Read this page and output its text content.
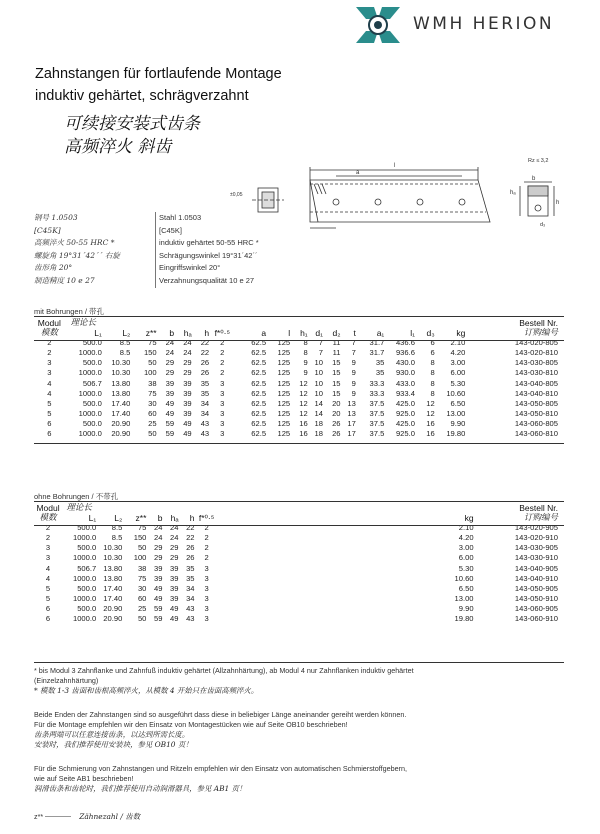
WMH HERION
Zahnstangen für fortlaufende Montage
induktiv gehärtet, schrägverzahnt
可续接安装式齿条
高频淬火 斜齿
l
a
b
h
hₐ
Rz ≤ 3,2
±0,05
d₃
钢号 1.0503
[C45K]
高频淬火 50-55 HRC *
螺旋角 19°31´42´´ 右旋
齿形角 20°
制造精度 10 e 27
Stahl 1.0503
[C45K]
induktiv gehärtet 50-55 HRC *
Schrägungswinkel 19°31´42´´
Eingriffswinkel 20°
Verzahnungsqualität 10 e 27
mit Bohrungen / 带孔
Modul	理论长																	Bestell Nr.
模数	L₁	L₂	z**	b	hₐ	h	f*⁰·⁵	a	l	h₁	d₁	d₂	t	a₁	l₁	d₃	kg	订购编号
2	500.0	8.5	75	24	24	22	2	62.5	125	8	7	11	7	31.7	436.6	6	2.10	143-020-805
2	1000.0	8.5	150	24	24	22	2	62.5	125	8	7	11	7	31.7	936.6	6	4.20	143-020-810
3	500.0	10.30	50	29	29	26	2	62.5	125	9	10	15	9	35	430.0	8	3.00	143-030-805
3	1000.0	10.30	100	29	29	26	2	62.5	125	9	10	15	9	35	930.0	8	6.00	143-030-810
4	506.7	13.80	38	39	39	35	3	62.5	125	12	10	15	9	33.3	433.0	8	5.30	143-040-805
4	1000.0	13.80	75	39	39	35	3	62.5	125	12	10	15	9	33.3	933.4	8	10.60	143-040-810
5	500.0	17.40	30	49	39	34	3	62.5	125	12	14	20	13	37.5	425.0	12	6.50	143-050-805
5	1000.0	17.40	60	49	39	34	3	62.5	125	12	14	20	13	37.5	925.0	12	13.00	143-050-810
6	500.0	20.90	25	59	49	43	3	62.5	125	16	18	26	17	37.5	425.0	16	9.90	143-060-805
6	1000.0	20.90	50	59	49	43	3	62.5	125	16	18	26	17	37.5	925.0	16	19.80	143-060-810
ohne Bohrungen / 不带孔
Modul	理论长									Bestell Nr.
模数	L₁	L₂	z**	b	hₐ	h	f*⁰·⁵		kg	订购编号
2	500.0	8.5	75	24	24	22	2		2.10	143-020-905
2	1000.0	8.5	150	24	24	22	2		4.20	143-020-910
3	500.0	10.30	50	29	29	26	2		3.00	143-030-905
3	1000.0	10.30	100	29	29	26	2		6.00	143-030-910
4	506.7	13.80	38	39	39	35	3		5.30	143-040-905
4	1000.0	13.80	75	39	39	35	3		10.60	143-040-910
5	500.0	17.40	30	49	39	34	3		6.50	143-050-905
5	1000.0	17.40	60	49	39	34	3		13.00	143-050-910
6	500.0	20.90	25	59	49	43	3		9.90	143-060-905
6	1000.0	20.90	50	59	49	43	3		19.80	143-060-910
* bis Modul 3 Zahnflanke und Zahnfuß induktiv gehärtet (Allzahnhärtung), ab Modul 4 nur Zahnflanken induktiv gehärtet
(Einzelzahnhärtung)
* 模数 1-3 齿面和齿根高频淬火，从模数 4 开始只在齿面高频淬火。
Beide Enden der Zahnstangen sind so ausgeführt dass diese in beliebiger Länge aneinander gereiht werden können.
Für die Montage empfehlen wir den Einsatz von Montagestücken wie auf Seite OB10 beschrieben!
齿条两端可以任意连接齿条，以达到所需长度。
安装时，我们推荐使用安装块，参见 OB10 页！
Für die Schmierung von Zahnstangen und Ritzeln empfehlen wir den Einsatz von automatischen Schmierstoffgebern,
wie auf Seite AB1 beschrieben!
润滑齿条和齿轮时，我们推荐使用自动润滑器具，参见 AB1 页！
z**	Zähnezahl / 齿数
